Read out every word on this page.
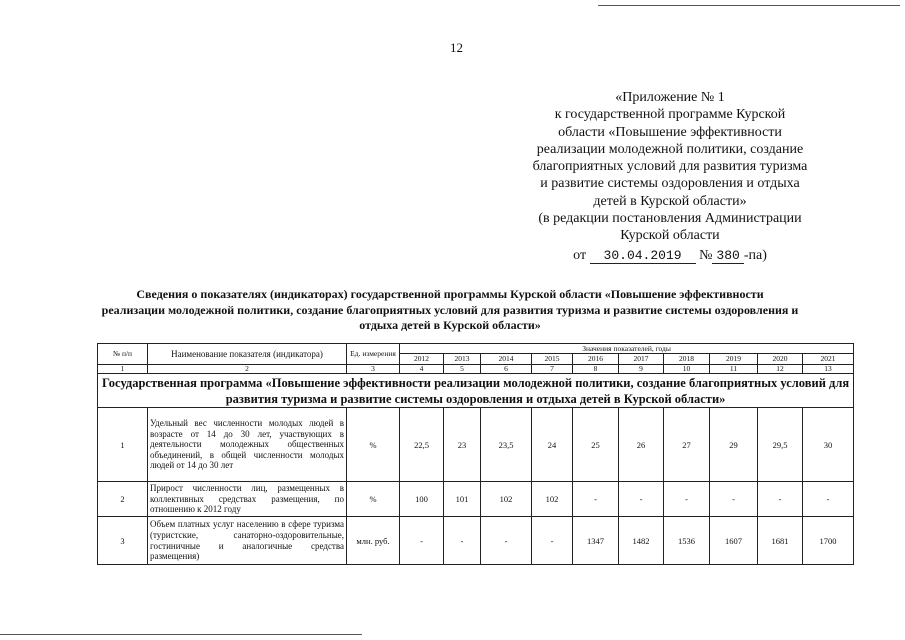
12
«Приложение № 1
к государственной программе Курской
области «Повышение эффективности
реализации молодежной политики, создание
благоприятных условий для развития туризма
и развитие системы оздоровления и отдыха
детей в Курской области»
(в редакции постановления Администрации
Курской области
от 30.04.2019 № 380 -па)
Сведения о показателях (индикаторах) государственной программы Курской области «Повышение эффективности
реализации молодежной политики, создание благоприятных условий для развития туризма и развитие системы оздоровления и
отдыха детей в Курской области»
№ п/п	Наименование показателя (индикатора)	Ед. измерения	Значения показателей, годы									
			2012	2013	2014	2015	2016	2017	2018	2019	2020	2021
1	2	3	4	5	6	7	8	9	10	11	12	13
Государственная программа «Повышение эффективности реализации молодежной политики, создание благоприятных условий для развития туризма и развитие системы оздоровления и отдыха детей в Курской области»												
1	Удельный вес численности молодых людей в возрасте от 14 до 30 лет, участвующих в деятельности молодежных общественных объединений, в общей численности молодых людей от 14 до 30 лет	%	22,5	23	23,5	24	25	26	27	29	29,5	30
2	Прирост численности лиц, размещенных в коллективных средствах размещения, по отношению к 2012 году	%	100	101	102	102	-	-	-	-	-	-
3	Объем платных услуг населению в сфере туризма (туристские, санаторно-оздоровительные, гостиничные и аналогичные средства размещения)	млн. руб.	-	-	-	-	1347	1482	1536	1607	1681	1700
